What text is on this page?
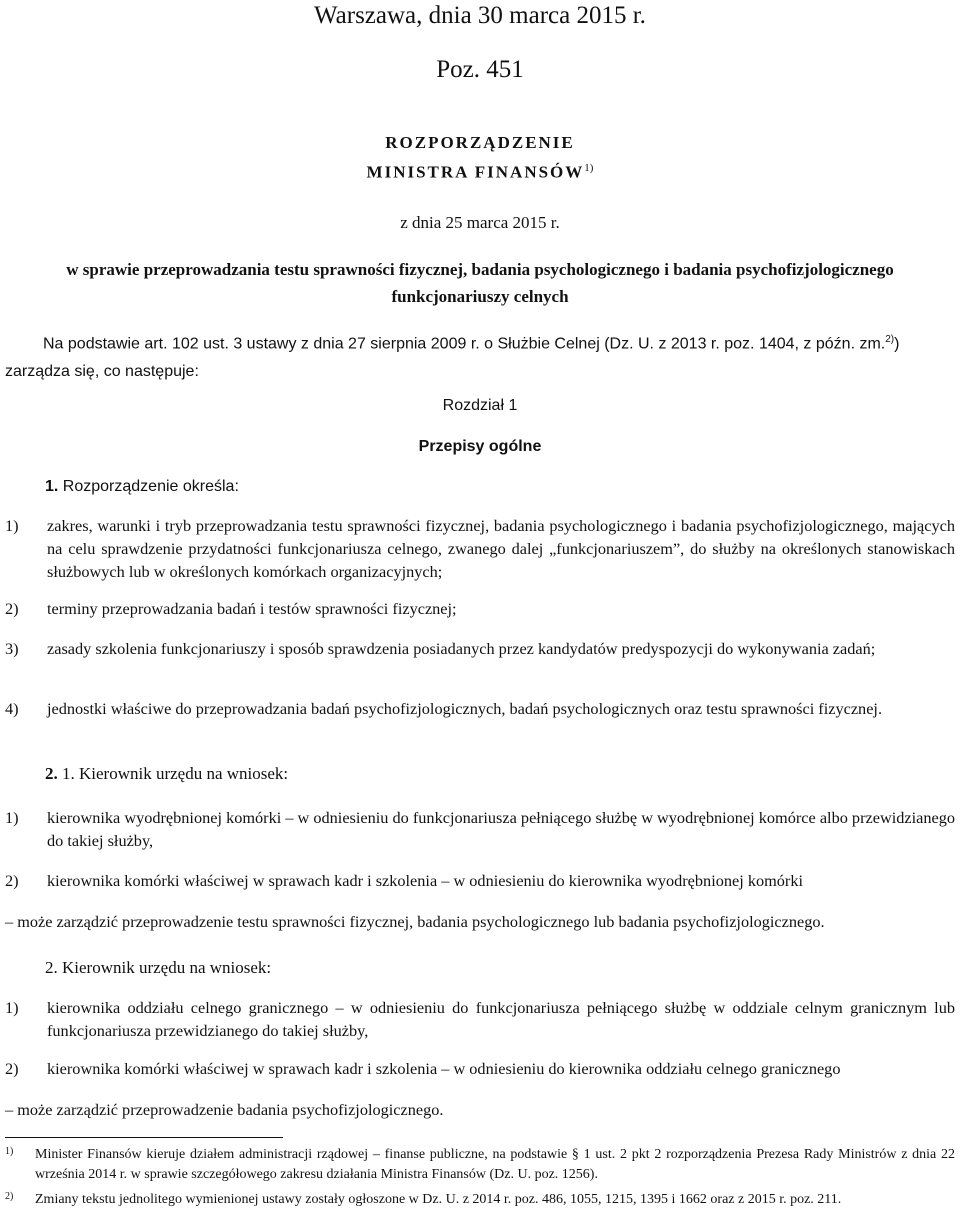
Warszawa, dnia 30 marca 2015 r.
Poz. 451
ROZPORZĄDZENIE
MINISTRA FINANSÓW$^{1)}$
z dnia 25 marca 2015 r.
w sprawie przeprowadzania testu sprawności fizycznej, badania psychologicznego i badania psychofizjologicznego funkcjonariuszy celnych
Na podstawie art. 102 ust. 3 ustawy z dnia 27 sierpnia 2009 r. o Służbie Celnej (Dz. U. z 2013 r. poz. 1404, z późn. zm.$^{2)}$) zarządza się, co następuje:
Rozdział 1
Przepisy ogólne
1. Rozporządzenie określa:
1) zakres, warunki i tryb przeprowadzania testu sprawności fizycznej, badania psychologicznego i badania psychofizjologicznego, mających na celu sprawdzenie przydatności funkcjonariusza celnego, zwanego dalej „funkcjonariuszem”, do służby na określonych stanowiskach służbowych lub w określonych komórkach organizacyjnych;
2) terminy przeprowadzania badań i testów sprawności fizycznej;
3) zasady szkolenia funkcjonariuszy i sposób sprawdzenia posiadanych przez kandydatów predyspozycji do wykonywania zadań;
4) jednostki właściwe do przeprowadzania badań psychofizjologicznych, badań psychologicznych oraz testu sprawności fizycznej.
2. 1. Kierownik urzędu na wniosek:
1) kierownika wyodrębnionej komórki – w odniesieniu do funkcjonariusza pełniącego służbę w wyodrębnionej komórce albo przewidzianego do takiej służby,
2) kierownika komórki właściwej w sprawach kadr i szkolenia – w odniesieniu do kierownika wyodrębnionej komórki
– może zarządzić przeprowadzenie testu sprawności fizycznej, badania psychologicznego lub badania psychofizjologicznego.
2. Kierownik urzędu na wniosek:
1) kierownika oddziału celnego granicznego – w odniesieniu do funkcjonariusza pełniącego służbę w oddziale celnym granicznym lub funkcjonariusza przewidzianego do takiej służby,
2) kierownika komórki właściwej w sprawach kadr i szkolenia – w odniesieniu do kierownika oddziału celnego granicznego
– może zarządzić przeprowadzenie badania psychofizjologicznego.
1) Minister Finansów kieruje działem administracji rządowej – finanse publiczne, na podstawie § 1 ust. 2 pkt 2 rozporządzenia Prezesa Rady Ministrów z dnia 22 września 2014 r. w sprawie szczegółowego zakresu działania Ministra Finansów (Dz. U. poz. 1256).
2) Zmiany tekstu jednolitego wymienionej ustawy zostały ogłoszone w Dz. U. z 2014 r. poz. 486, 1055, 1215, 1395 i 1662 oraz z 2015 r. poz. 211.
